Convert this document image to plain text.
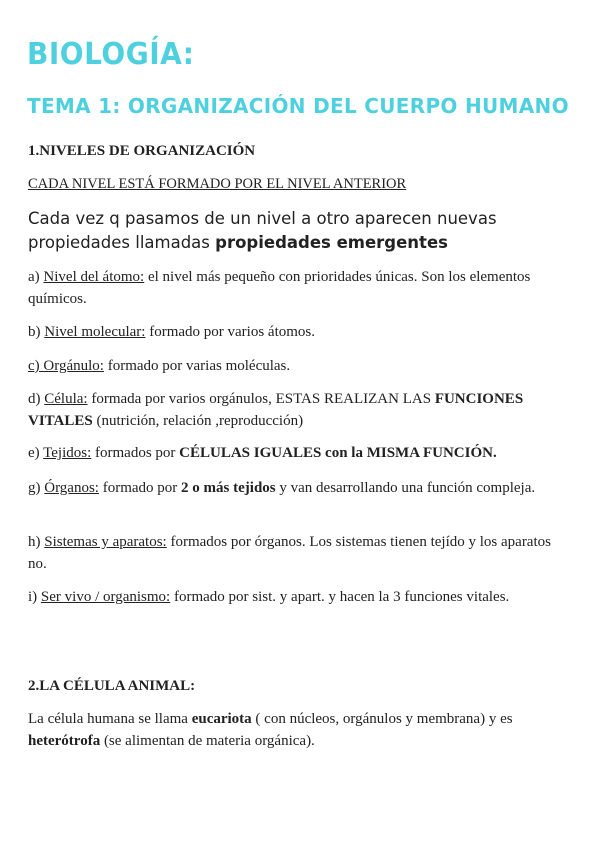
BIOLOGÍA:
TEMA 1: ORGANIZACIÓN DEL CUERPO HUMANO

1.NIVELES DE ORGANIZACIÓN

CADA NIVEL ESTÁ FORMADO POR EL NIVEL ANTERIOR

Cada vez q pasamos de un nivel a otro aparecen nuevas propiedades llamadas propiedades emergentes

a) Nivel del átomo: el nivel más pequeño con prioridades únicas. Son los elementos químicos.

b) Nivel molecular: formado por varios átomos.

c) Orgánulo: formado por varias moléculas.

d) Célula: formada por varios orgánulos, ESTAS REALIZAN LAS FUNCIONES VITALES (nutrición, relación ,reproducción)

e) Tejidos: formados por CÉLULAS IGUALES con la MISMA FUNCIÓN.

g) Órganos: formado por 2 o más tejidos y van desarrollando una función compleja.

h) Sistemas y aparatos: formados por órganos. Los sistemas tienen tejído y los aparatos no.

i) Ser vivo / organismo: formado por sist. y apart. y hacen la 3 funciones vitales.

2.LA CÉLULA ANIMAL:

La célula humana se llama eucariota ( con núcleos, orgánulos y membrana) y es heterótrofa (se alimentan de materia orgánica).
